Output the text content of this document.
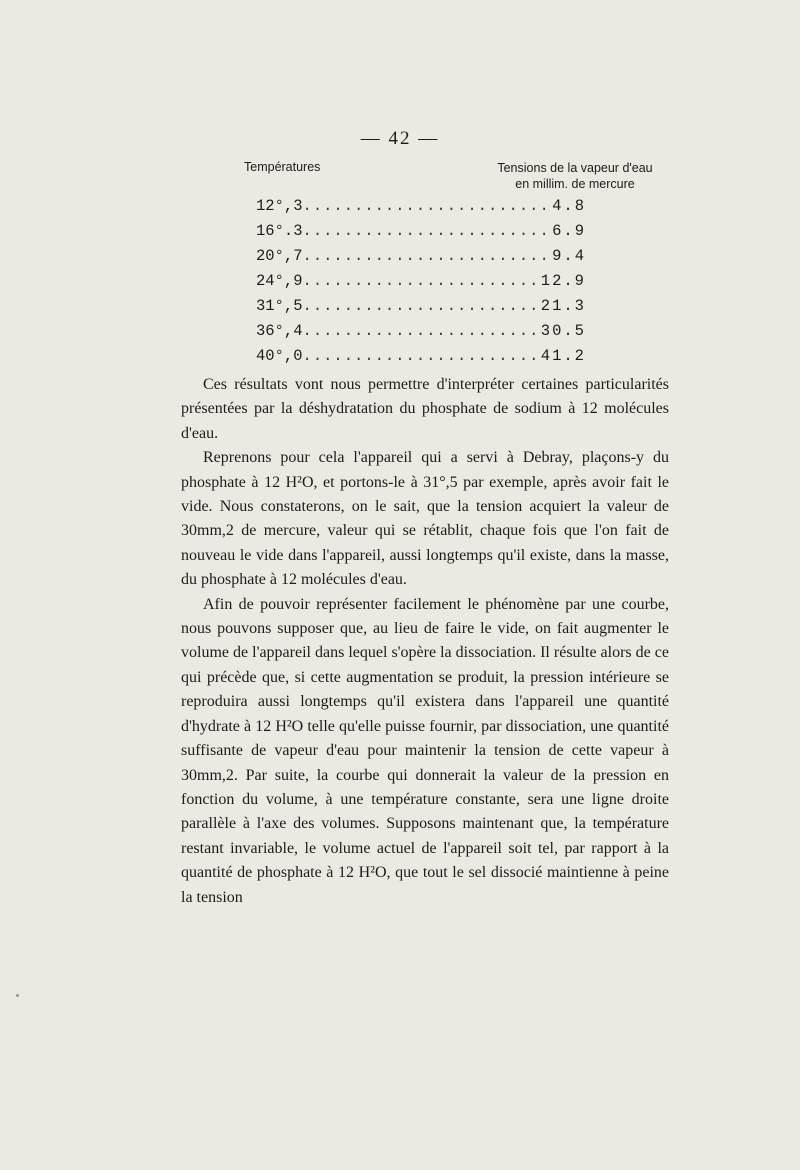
— 42 —
Températures	Tensions de la vapeur d'eau
en millim. de mercure
12°,3 .....	4.8
16°.3 .....	6.9
20°,7 .....	9.4
24°,9 .....	12.9
31°,5 .....	21.3
36°,4 .....	30.5
40°,0 .....	41.2

Ces résultats vont nous permettre d'interpréter certaines particularités présentées par la déshydratation du phosphate de sodium à 12 molécules d'eau.

Reprenons pour cela l'appareil qui a servi à Debray, plaçons-y du phosphate à 12 H²O, et portons-le à 31°,5 par exemple, après avoir fait le vide. Nous constaterons, on le sait, que la tension acquiert la valeur de 30mm,2 de mercure, valeur qui se rétablit, chaque fois que l'on fait de nouveau le vide dans l'appareil, aussi longtemps qu'il existe, dans la masse, du phosphate à 12 molécules d'eau.

Afin de pouvoir représenter facilement le phénomène par une courbe, nous pouvons supposer que, au lieu de faire le vide, on fait augmenter le volume de l'appareil dans lequel s'opère la dissociation. Il résulte alors de ce qui précède que, si cette augmentation se produit, la pression intérieure se reproduira aussi longtemps qu'il existera dans l'appareil une quantité d'hydrate à 12 H²O telle qu'elle puisse fournir, par dissociation, une quantité suffisante de vapeur d'eau pour maintenir la tension de cette vapeur à 30mm,2. Par suite, la courbe qui donnerait la valeur de la pression en fonction du volume, à une température constante, sera une ligne droite parallèle à l'axe des volumes. Supposons maintenant que, la température restant invariable, le volume actuel de l'appareil soit tel, par rapport à la quantité de phosphate à 12 H²O, que tout le sel dissocié maintienne à peine la tension
